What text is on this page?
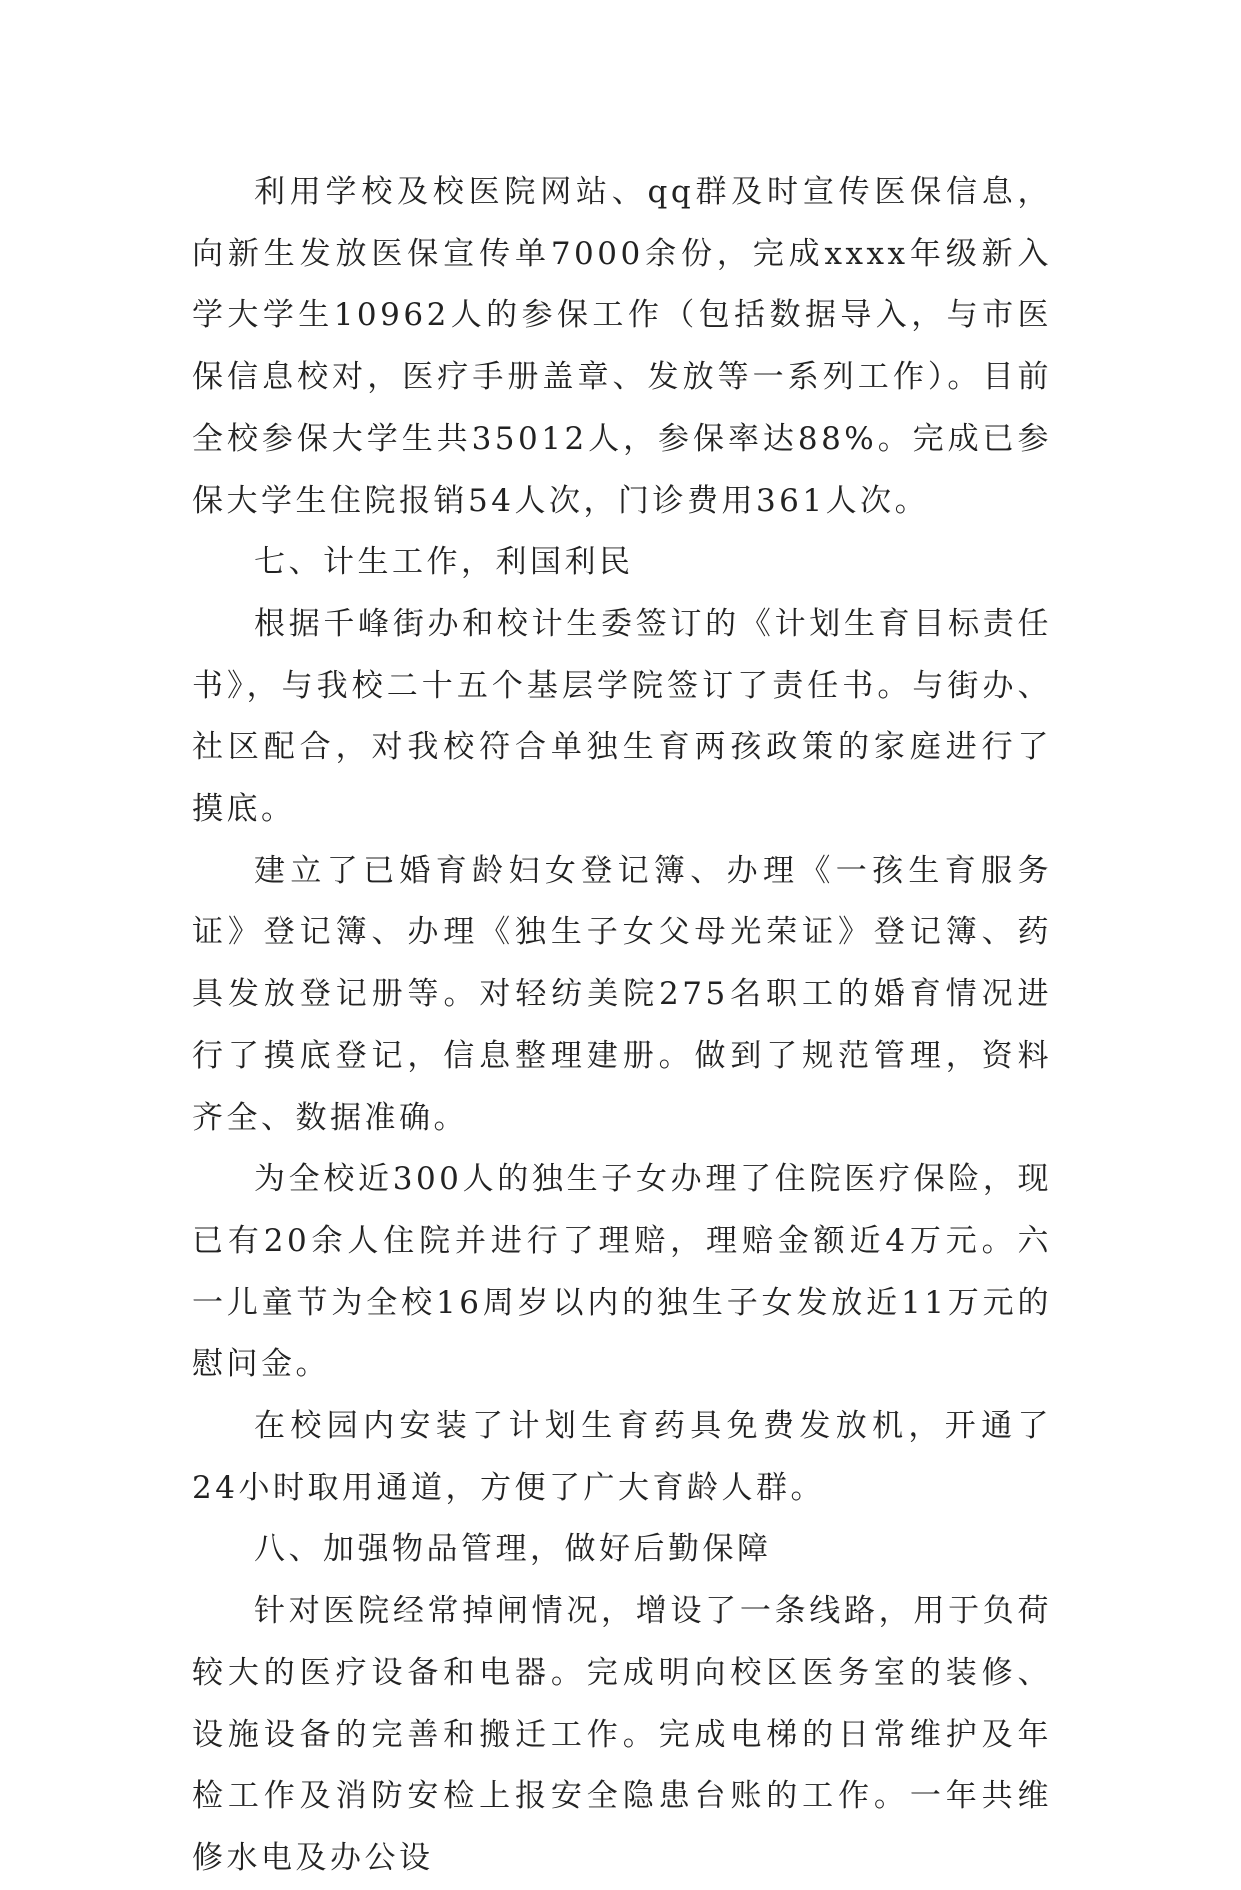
利用学校及校医院网站、qq群及时宣传医保信息，向新生发放医保宣传单7000余份，完成xxxx年级新入学大学生10962人的参保工作（包括数据导入，与市医保信息校对，医疗手册盖章、发放等一系列工作）。目前全校参保大学生共35012人，参保率达88%。完成已参保大学生住院报销54人次，门诊费用361人次。

七、计生工作，利国利民

根据千峰街办和校计生委签订的《计划生育目标责任书》，与我校二十五个基层学院签订了责任书。与街办、社区配合，对我校符合单独生育两孩政策的家庭进行了摸底。

建立了已婚育龄妇女登记簿、办理《一孩生育服务证》登记簿、办理《独生子女父母光荣证》登记簿、药具发放登记册等。对轻纺美院275名职工的婚育情况进行了摸底登记，信息整理建册。做到了规范管理，资料齐全、数据准确。

为全校近300人的独生子女办理了住院医疗保险，现已有20余人住院并进行了理赔，理赔金额近4万元。六一儿童节为全校16周岁以内的独生子女发放近11万元的慰问金。

在校园内安装了计划生育药具免费发放机，开通了24小时取用通道，方便了广大育龄人群。

八、加强物品管理，做好后勤保障

针对医院经常掉闸情况，增设了一条线路，用于负荷较大的医疗设备和电器。完成明向校区医务室的装修、设施设备的完善和搬迁工作。完成电梯的日常维护及年检工作及消防安检上报安全隐患台账的工作。一年共维修水电及办公设
